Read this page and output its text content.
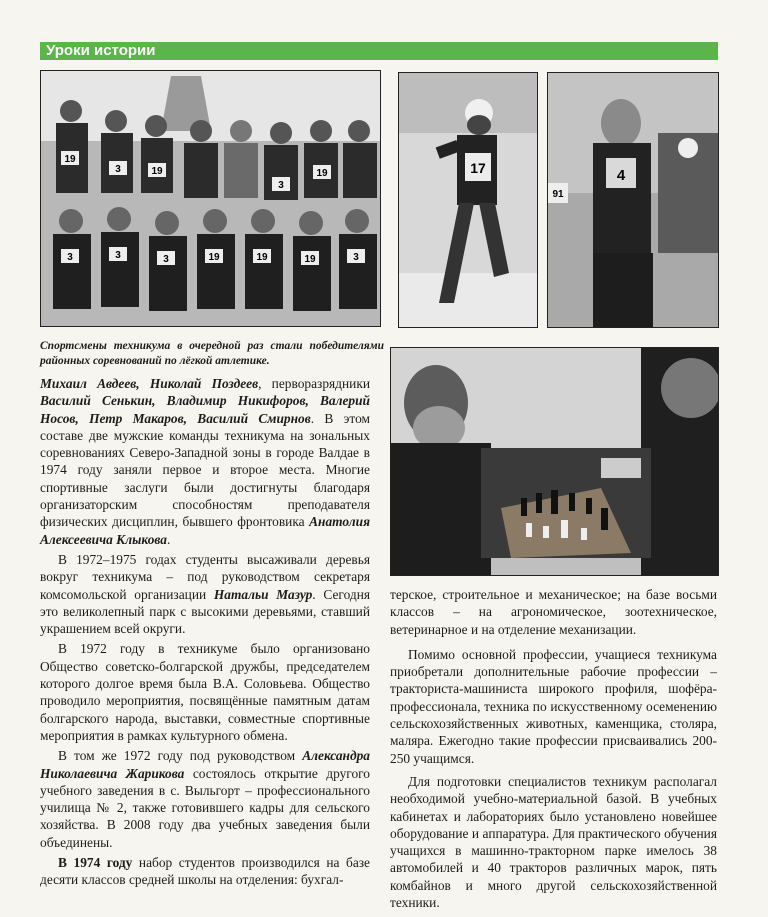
Уроки истории
19
3	19
3
19
3	3	3	19	19	19	3
17
91
4
Спортсмены техникума в очередной раз стали победителями районных соревнований по лёгкой атлетике.

Михаил Авдеев, Николай Поздеев, перворазрядники Василий Сенькин, Владимир Никифоров, Валерий Носов, Петр Макаров, Василий Смирнов. В этом составе две мужские команды техникума на зональных соревнованиях Северо-Западной зоны в городе Валдае в 1974 году заняли первое и второе места. Многие спортивные заслуги были достигнуты благодаря организаторским способностям преподавателя физических дисциплин, бывшего фронтовика Анатолия Алексеевича Клыкова.

В 1972–1975 годах студенты высаживали деревья вокруг техникума – под руководством секретаря комсомольской организации Натальи Мазур. Сегодня это великолепный парк с высокими деревьями, ставший украшением всей округи.

В 1972 году в техникуме было организовано Общество советско-болгарской дружбы, председателем которого долгое время была В.А. Соловьева. Общество проводило мероприятия, посвящённые памятным датам болгарского народа, выставки, совместные спортивные мероприятия в рамках культурного обмена.

В том же 1972 году под руководством Александра Николаевича Жарикова состоялось открытие другого учебного заведения в с. Выльгорт – профессионального училища № 2, также готовившего кадры для сельского хозяйства. В 2008 году два учебных заведения были объединены.

В 1974 году набор студентов производился на базе десяти классов средней школы на отделения: бухгал-

терское, строительное и механическое; на базе восьми классов – на агрономическое, зоотехническое, ветеринарное и на отделение механизации.

Помимо основной профессии, учащиеся техникума приобретали дополнительные рабочие профессии – тракториста-машиниста широкого профиля, шофёра-профессионала, техника по искусственному осеменению сельскохозяйственных животных, каменщика, столяра, маляра. Ежегодно такие профессии присваивались 200-250 учащимся.

Для подготовки специалистов техникум располагал необходимой учебно-материальной базой. В учебных кабинетах и лабораториях было установлено новейшее оборудование и аппаратура. Для практического обучения учащихся в машинно-тракторном парке имелось 38 автомобилей и 40 тракторов различных марок, пять комбайнов и много другой сельскохозяйственной техники.
